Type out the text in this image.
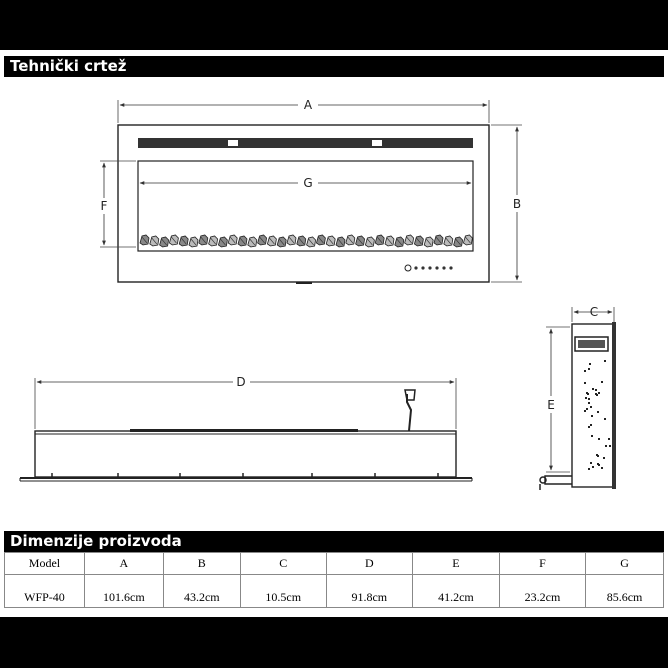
Tehnički crtež
A
B
F
G
D
C
E
Dimenzije proizvoda
Model	A	B	C	D	E	F	G
WFP-40	101.6cm	43.2cm	10.5cm	91.8cm	41.2cm	23.2cm	85.6cm
